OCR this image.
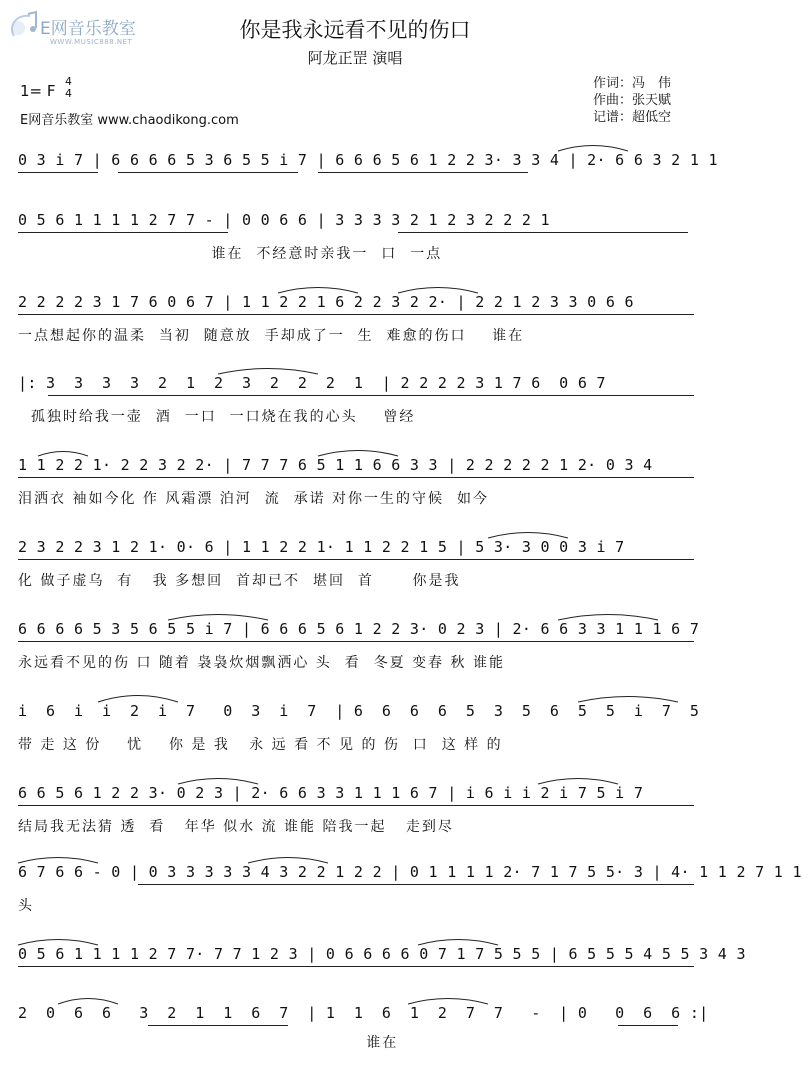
E网音乐教室
WWW.MUSIC888.NET	你是我永远看不见的伤口
阿龙正罡 演唱
1= F
4
4
E网音乐教室 www.chaodikong.com
作词：冯　伟
作曲：张天赋
记谱：超低空
0 3 i 7 | 6 6 6 6 5 3 6 5 5 i 7 | 6 6 6 5 6 1 2 2 3· 3 3 4 | 2· 6 6 3 2 1 1
0 5 6 1 1 1 1 2 7 7 - | 0 0 6 6 | 3 3 3 3 2 1 2 3 2 2 2 1
谁在  不经意时亲我一  口  一点
2 2 2 2 3 1 7 6 0 6 7 | 1 1 2 2 1 6 2 2 3 2 2· | 2 2 1 2 3 3 0 6 6
一点想起你的温柔  当初  随意放  手却成了一  生  难愈的伤口    谁在
|: 3  3  3  3  2  1  2  3  2  2  2  1  | 2 2 2 2 3 1 7 6  0 6 7
孤独时给我一壶  酒  一口  一口烧在我的心头    曾经
1 1 2 2 1· 2 2 3 2 2· | 7 7 7 6 5 1 1 6 6 3 3 | 2 2 2 2 2 1 2· 0 3 4
泪洒衣 袖如今化 作 风霜漂 泊河  流  承诺 对你一生的守候  如今
2 3 2 2 3 1 2 1· 0· 6 | 1 1 2 2 1· 1 1 2 2 1 5 | 5 3· 3 0 0 3 i 7
化 做子虚乌  有   我 多想回  首却已不  堪回  首      你是我
6 6 6 6 5 3 5 6 5 5 i 7 | 6 6 6 5 6 1 2 2 3· 0 2 3 | 2· 6 6 3 3 1 1 1 6 7
永远看不见的伤 口 随着 袅袅炊烟飘洒心 头  看  冬夏 变春 秋 谁能
i  6  i  i  2  i  7   0  3  i  7  | 6  6  6  6  5  3  5  6  5  5  i  7  5
带 走 这 份    忧    你 是 我   永 远 看 不 见 的 伤  口  这 样 的
6 6 5 6 1 2 2 3· 0 2 3 | 2· 6 6 3 3 1 1 1 6 7 | i 6 i i 2 i 7 5 i 7
结局我无法猜 透  看   年华 似水 流 谁能 陪我一起   走到尽
6 7 6 6 - 0 | 0 3 3 3 3 3 4 3 2 2 1 2 2 | 0 1 1 1 1 2· 7 1 7 5 5· 3 | 4· 1 1 2 7 1 1
头
0 5 6 1 1 1 1 2 7 7· 7 7 1 2 3 | 0 6 6 6 6 0 7 1 7 5 5 5 | 6 5 5 5 4 5 5 3 4 3
2  0  6  6   3  2  1  1  6  7  | 1  1  6  1  2  7  7   -  | 0   0  6  6 :|
谁在
